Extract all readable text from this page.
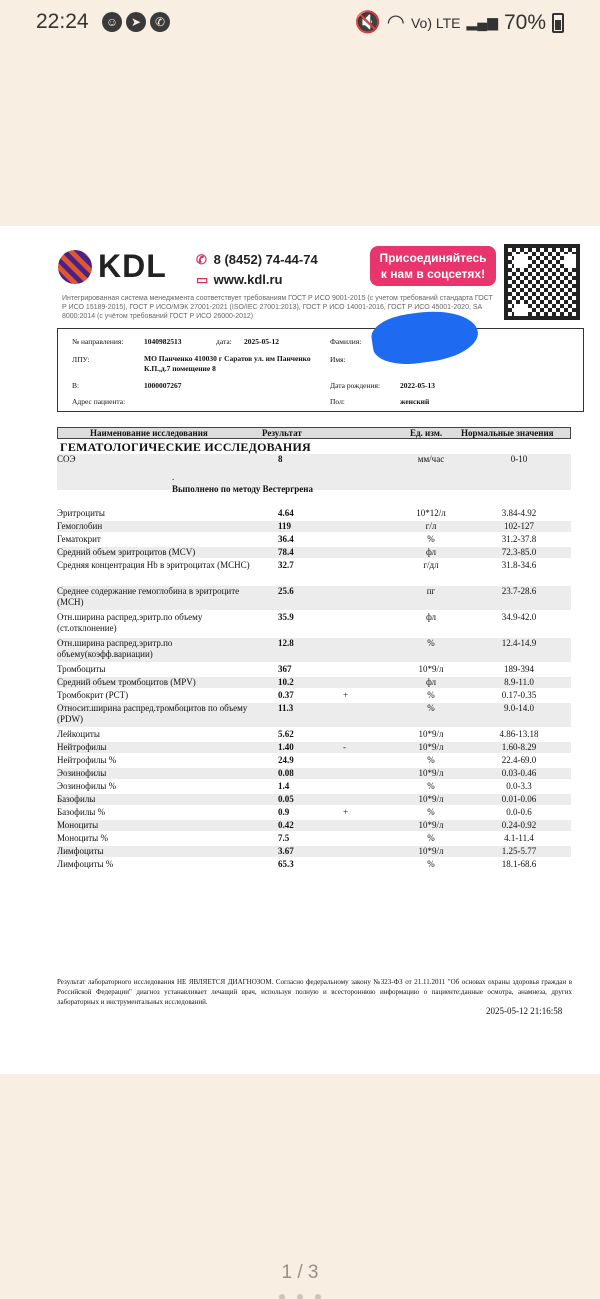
22:24	☺	➤	✆	🔇 ◠ Vo) LTE ▂▄▆ 70%
KDL ✆ 8 (8452) 74-44-74
▭ www.kdl.ru
Присоединяйтесь
к нам в соцсетях!
Интегрированная система менеджмента соответствует требованиям ГОСТ Р ИСО 9001-2015 (с учетом требований стандарта ГОСТ Р ИСО 15189-2015), ГОСТ Р ИСО/МЭК 27001-2021 (ISO/IEC 27001:2013), ГОСТ Р ИСО 14001-2016, ГОСТ Р ИСО 45001-2020, SA 8000:2014 (с учётом требований ГОСТ Р ИСО 26000-2012)
№ направления:	1040982513	дата: 2025-05-12	Фамилия:
ЛПУ:	МО Панченко 410030 г Саратов ул. им Панченко К.П.,д.7 помещение 8
Имя:
В:	1000007267	Дата рождения:	2022-05-13
Адрес пациента:	Пол:	женский
Наименование исследования	Результат	Ед. изм. Нормальные значения
ГЕМАТОЛОГИЧЕСКИЕ ИССЛЕДОВАНИЯ
Результат лабораторного исследования НЕ ЯВЛЯЕТСЯ ДИАГНОЗОМ. Согласно федеральному закону №323-ФЗ от 21.11.2011 "Об основах охраны здоровья граждан в Российской Федерации" диагноз устанавливает лечащий врач, используя полную и всестороннюю информацию о пациенте:данные осмотра, анамнеза, других лабораторных и инструментальных исследований.
2025-05-12 21:16:58
СОЭ	8	мм/час	0-10
Эритроциты	4.64	10*12/л	3.84-4.92
Гемоглобин	119	г/л	102-127
Гематокрит	36.4	%	31.2-37.8
Средний объем эритроцитов (MCV)	78.4	фл	72.3-85.0
Средняя концентрация Hb в эритроцитах (MCHC)	32.7	г/дл	31.8-34.6
Среднее содержание гемоглобина в эритроците (MCH)
25.6	пг	23.7-28.6
Отн.ширина распред.эритр.по объему (ст.отклонение)
35.9	фл	34.9-42.0
Отн.ширина распред.эритр.по объему(коэфф.вариации)
12.8	%	12.4-14.9
Тромбоциты	367	10*9/л	189-394
Средний объем тромбоцитов (MPV)	10.2	фл	8.9-11.0
Тромбокрит (PCT)	0.37	+	%	0.17-0.35
Относит.ширина распред.тромбоцитов по объему (PDW)
11.3	%	9.0-14.0
Лейкоциты	5.62	10*9/л	4.86-13.18
Нейтрофилы	1.40	-	10*9/л	1.60-8.29
Нейтрофилы %	24.9	%	22.4-69.0
Эозинофилы	0.08	10*9/л	0.03-0.46
Эозинофилы %	1.4	%	0.0-3.3
Базофилы	0.05	10*9/л	0.01-0.06
Базофилы %	0.9	+	%	0.0-0.6
Моноциты	0.42	10*9/л	0.24-0.92
Моноциты %	7.5	%	4.1-11.4
Лимфоциты	3.67	10*9/л	1.25-5.77
Лимфоциты %	65.3	%	18.1-68.6
.
Выполнено по методу Вестергрена
1 / 3
